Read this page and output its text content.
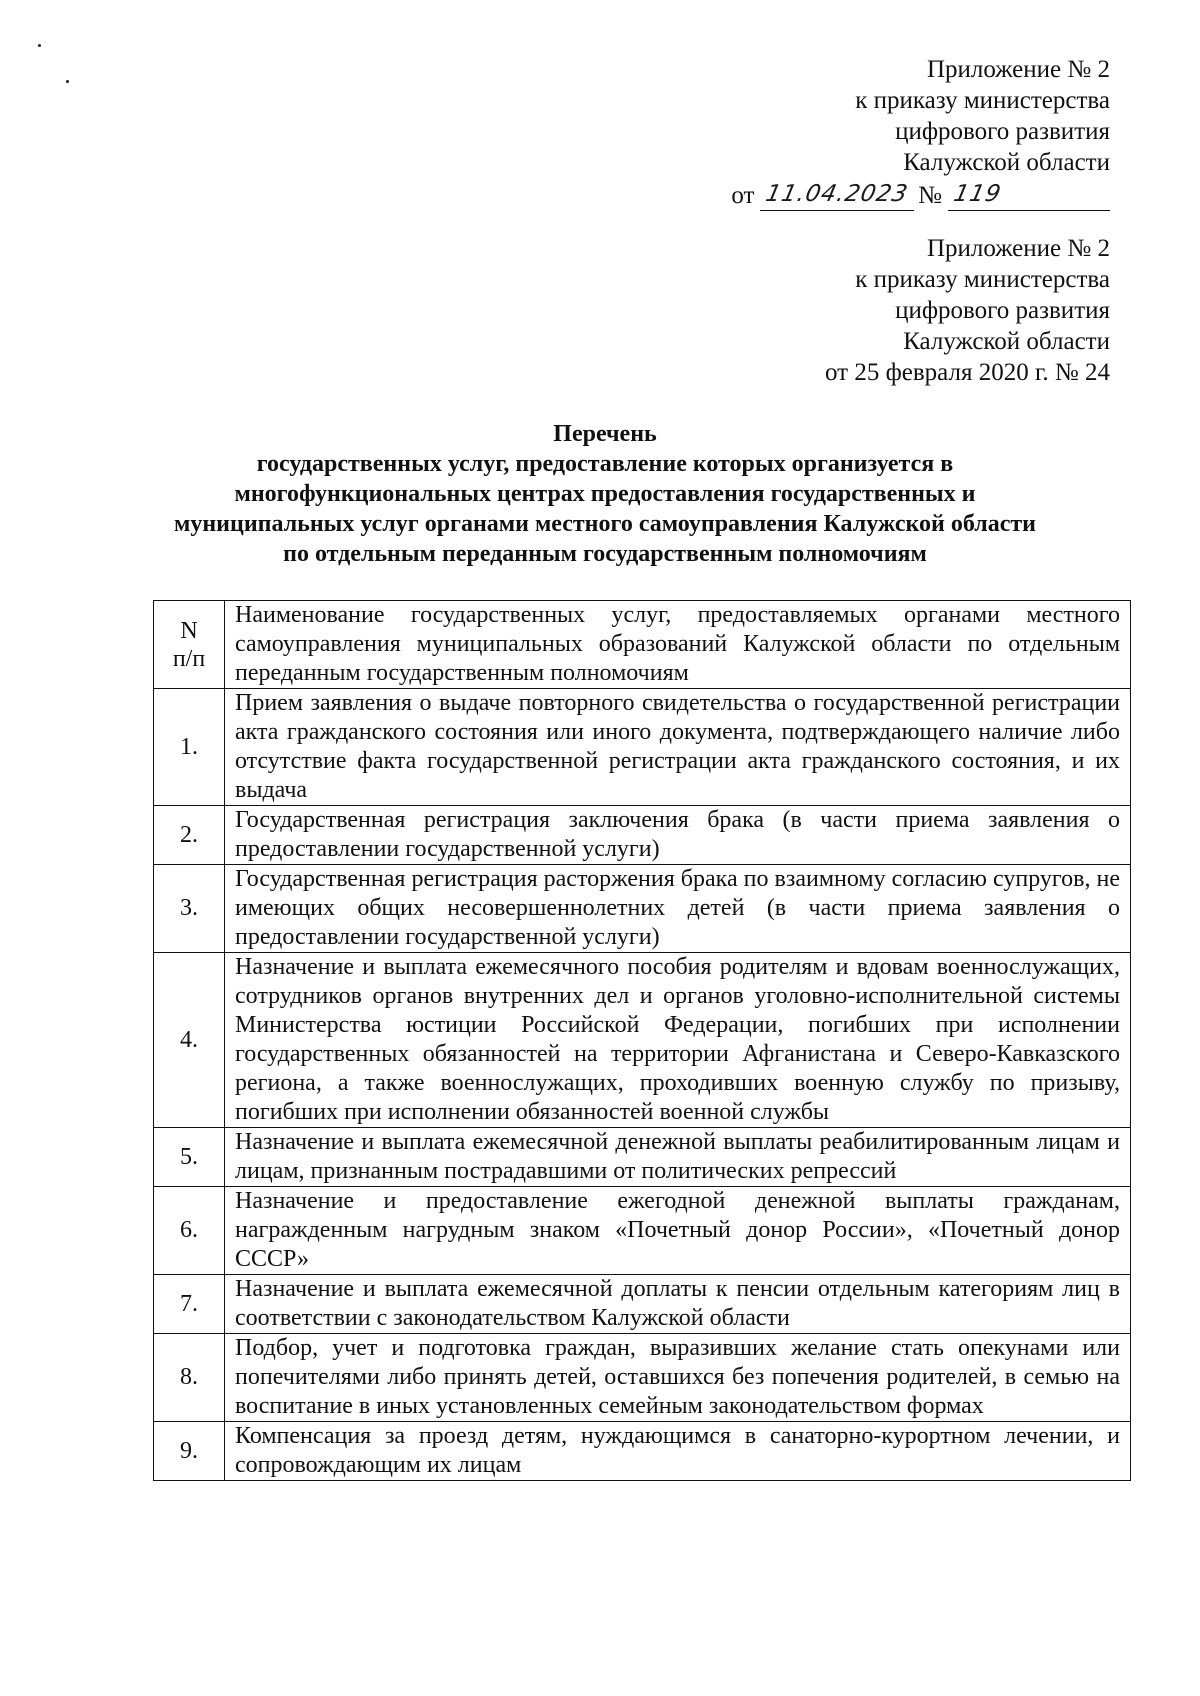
Приложение № 2
к приказу министерства
цифрового развития
Калужской области
от 11.04.2023 № 119
Приложение № 2
к приказу министерства
цифрового развития
Калужской области
от 25 февраля 2020 г. № 24
Перечень
государственных услуг, предоставление которых организуется в
многофункциональных центрах предоставления государственных и
муниципальных услуг органами местного самоуправления Калужской области
по отдельным переданным государственным полномочиям
N
п/п	Наименование государственных услуг, предоставляемых органами местного самоуправления муниципальных образований Калужской области по отдельным переданным государственным полномочиям
1.	Прием заявления о выдаче повторного свидетельства о государственной регистрации акта гражданского состояния или иного документа, подтверждающего наличие либо отсутствие факта государственной регистрации акта гражданского состояния, и их выдача
2.	Государственная регистрация заключения брака (в части приема заявления о предоставлении государственной услуги)
3.	Государственная регистрация расторжения брака по взаимному согласию супругов, не имеющих общих несовершеннолетних детей (в части приема заявления о предоставлении государственной услуги)
4.	Назначение и выплата ежемесячного пособия родителям и вдовам военнослужащих, сотрудников органов внутренних дел и органов уголовно-исполнительной системы Министерства юстиции Российской Федерации, погибших при исполнении государственных обязанностей на территории Афганистана и Северо-Кавказского региона, а также военнослужащих, проходивших военную службу по призыву, погибших при исполнении обязанностей военной службы
5.	Назначение и выплата ежемесячной денежной выплаты реабилитированным лицам и лицам, признанным пострадавшими от политических репрессий
6.	Назначение и предоставление ежегодной денежной выплаты гражданам, награжденным нагрудным знаком «Почетный донор России», «Почетный донор СССР»
7.	Назначение и выплата ежемесячной доплаты к пенсии отдельным категориям лиц в соответствии с законодательством Калужской области
8.	Подбор, учет и подготовка граждан, выразивших желание стать опекунами или попечителями либо принять детей, оставшихся без попечения родителей, в семью на воспитание в иных установленных семейным законодательством формах
9.	Компенсация за проезд детям, нуждающимся в санаторно-курортном лечении, и сопровождающим их лицам
